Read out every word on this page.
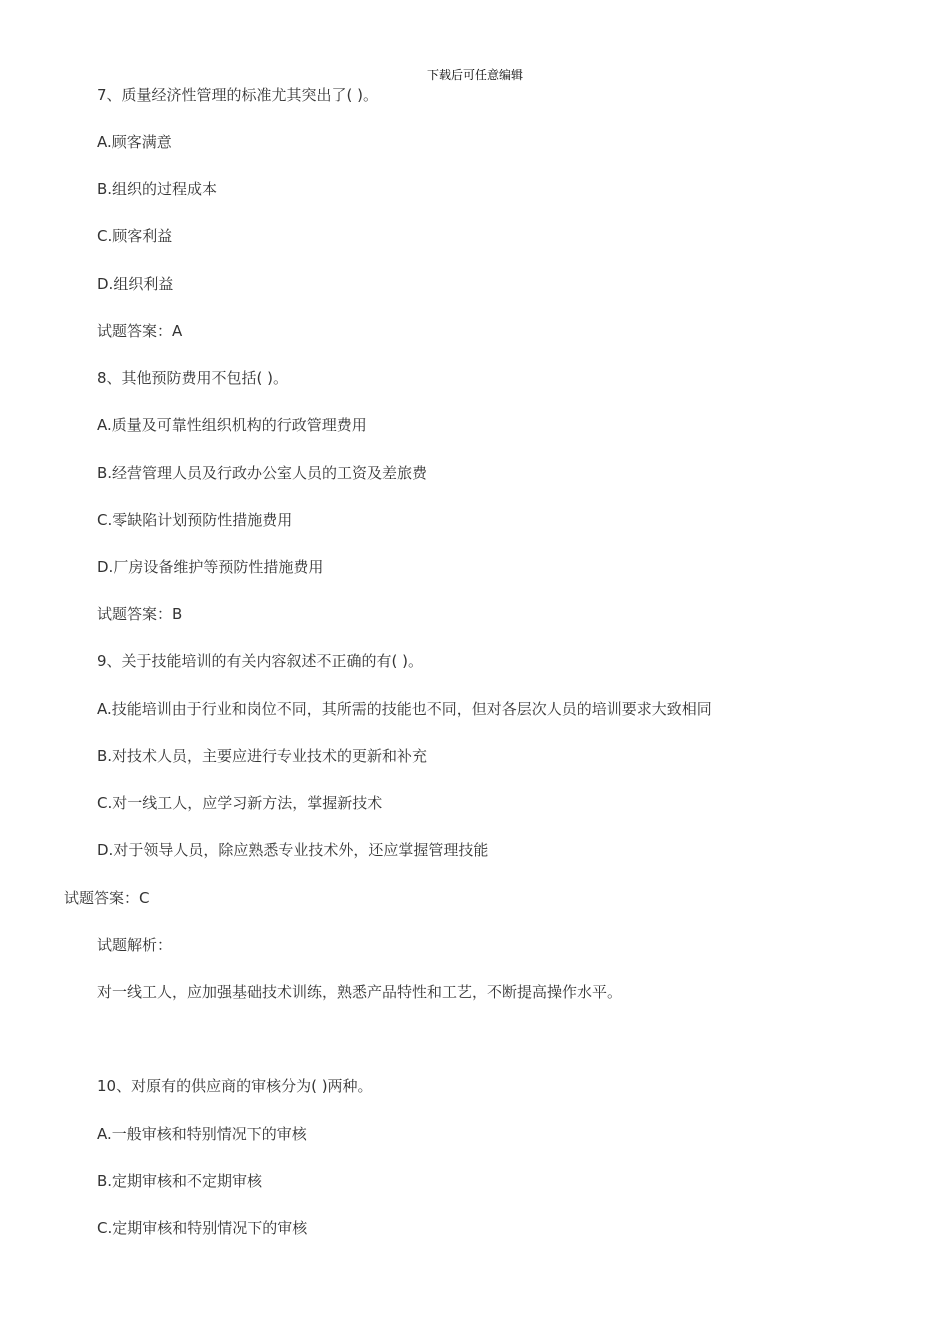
下载后可任意编辑
7、质量经济性管理的标准尤其突出了( )。
A.顾客满意
B.组织的过程成本
C.顾客利益
D.组织利益
试题答案：A
8、其他预防费用不包括( )。
A.质量及可靠性组织机构的行政管理费用
B.经营管理人员及行政办公室人员的工资及差旅费
C.零缺陷计划预防性措施费用
D.厂房设备维护等预防性措施费用
试题答案：B
9、关于技能培训的有关内容叙述不正确的有( )。
A.技能培训由于行业和岗位不同，其所需的技能也不同，但对各层次人员的培训要求大致相同
B.对技术人员，主要应进行专业技术的更新和补充
C.对一线工人，应学习新方法，掌握新技术
D.对于领导人员，除应熟悉专业技术外，还应掌握管理技能
试题答案：C
试题解析：
对一线工人，应加强基础技术训练，熟悉产品特性和工艺，不断提高操作水平。
10、对原有的供应商的审核分为( )两种。
A.一般审核和特别情况下的审核
B.定期审核和不定期审核
C.定期审核和特别情况下的审核
